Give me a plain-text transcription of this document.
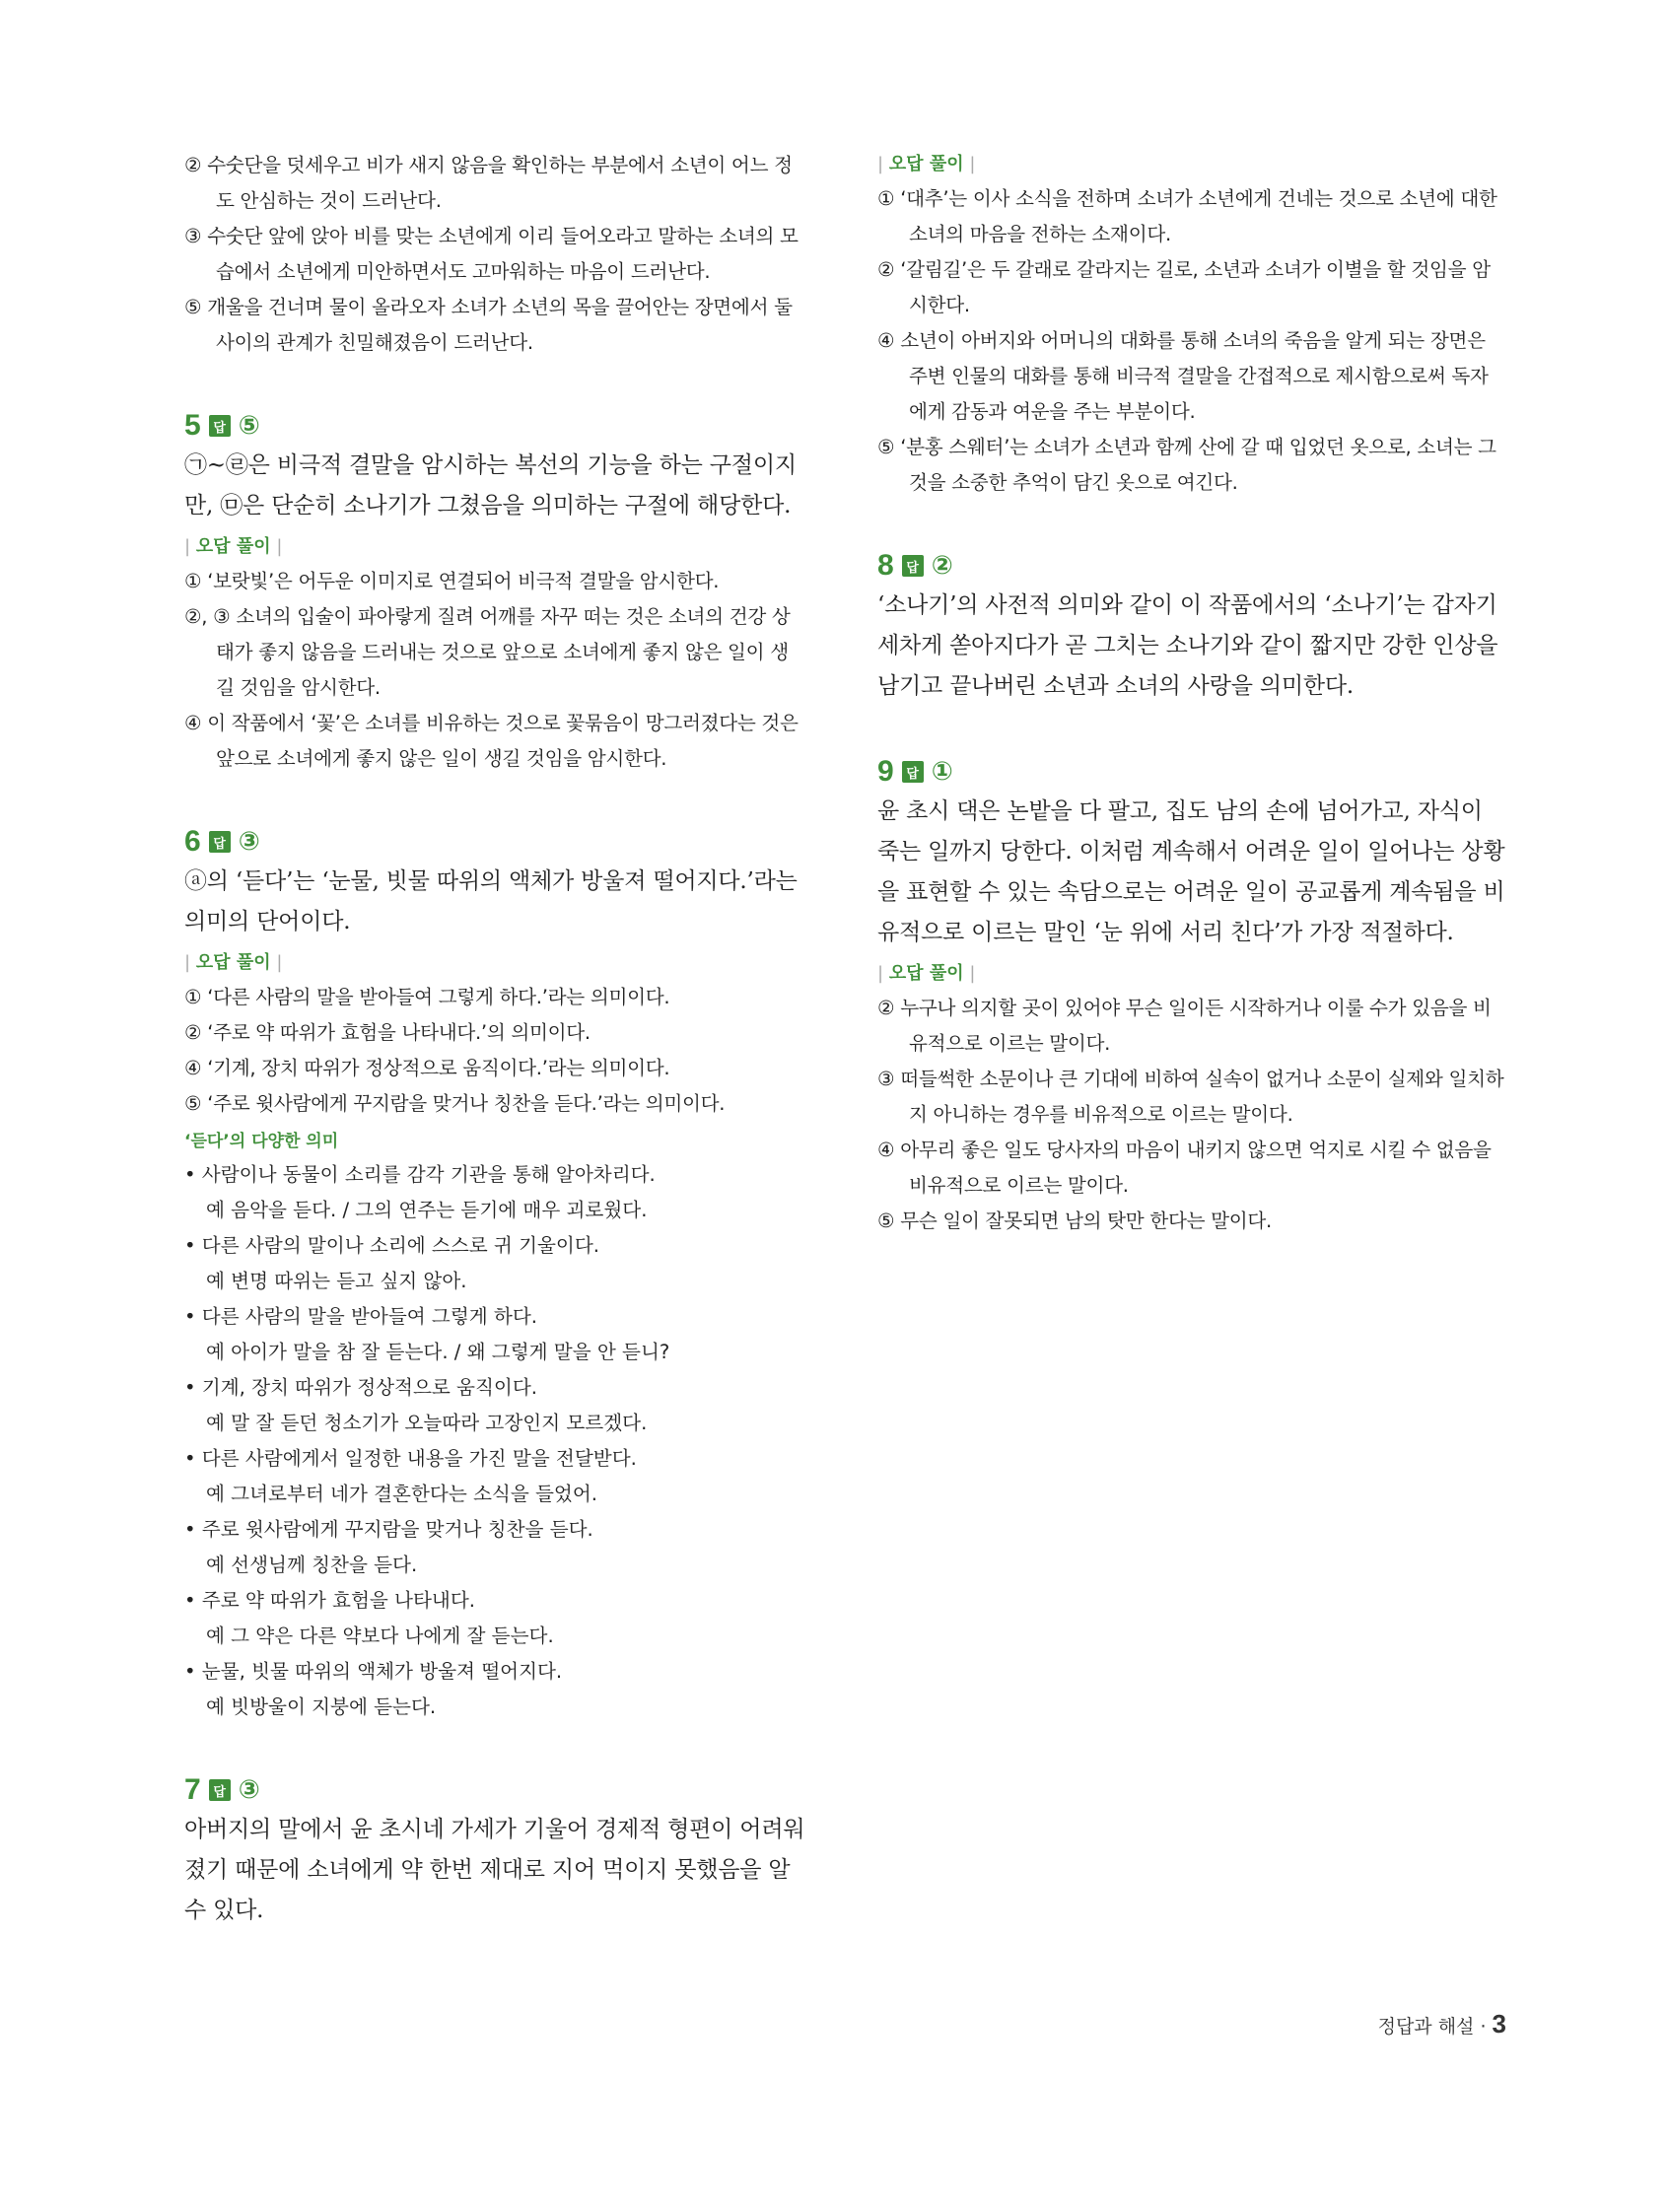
② 수숫단을 덧세우고 비가 새지 않음을 확인하는 부분에서 소년이 어느 정도 안심하는 것이 드러난다.
③ 수숫단 앞에 앉아 비를 맞는 소년에게 이리 들어오라고 말하는 소녀의 모습에서 소년에게 미안하면서도 고마워하는 마음이 드러난다.
⑤ 개울을 건너며 물이 올라오자 소녀가 소년의 목을 끌어안는 장면에서 둘 사이의 관계가 친밀해졌음이 드러난다.
5 답 ⑤
㉠~㉣은 비극적 결말을 암시하는 복선의 기능을 하는 구절이지만, ㉤은 단순히 소나기가 그쳤음을 의미하는 구절에 해당한다.
| 오답 풀이 |
① ‘보랏빛’은 어두운 이미지로 연결되어 비극적 결말을 암시한다.
②, ③ 소녀의 입술이 파아랗게 질려 어깨를 자꾸 떠는 것은 소녀의 건강 상태가 좋지 않음을 드러내는 것으로 앞으로 소녀에게 좋지 않은 일이 생길 것임을 암시한다.
④ 이 작품에서 ‘꽃’은 소녀를 비유하는 것으로 꽃묶음이 망그러졌다는 것은 앞으로 소녀에게 좋지 않은 일이 생길 것임을 암시한다.
6 답 ③
ⓐ의 ‘듣다’는 ‘눈물, 빗물 따위의 액체가 방울져 떨어지다.’라는 의미의 단어이다.
| 오답 풀이 |
① ‘다른 사람의 말을 받아들여 그렇게 하다.’라는 의미이다.
② ‘주로 약 따위가 효험을 나타내다.’의 의미이다.
④ ‘기계, 장치 따위가 정상적으로 움직이다.’라는 의미이다.
⑤ ‘주로 윗사람에게 꾸지람을 맞거나 칭찬을 듣다.’라는 의미이다.
‘듣다’의 다양한 의미
• 사람이나 동물이 소리를 감각 기관을 통해 알아차리다.
예 음악을 듣다. / 그의 연주는 듣기에 매우 괴로웠다.
• 다른 사람의 말이나 소리에 스스로 귀 기울이다.
예 변명 따위는 듣고 싶지 않아.
• 다른 사람의 말을 받아들여 그렇게 하다.
예 아이가 말을 참 잘 듣는다. / 왜 그렇게 말을 안 듣니?
• 기계, 장치 따위가 정상적으로 움직이다.
예 말 잘 듣던 청소기가 오늘따라 고장인지 모르겠다.
• 다른 사람에게서 일정한 내용을 가진 말을 전달받다.
예 그녀로부터 네가 결혼한다는 소식을 들었어.
• 주로 윗사람에게 꾸지람을 맞거나 칭찬을 듣다.
예 선생님께 칭찬을 듣다.
• 주로 약 따위가 효험을 나타내다.
예 그 약은 다른 약보다 나에게 잘 듣는다.
• 눈물, 빗물 따위의 액체가 방울져 떨어지다.
예 빗방울이 지붕에 듣는다.
7 답 ③
아버지의 말에서 윤 초시네 가세가 기울어 경제적 형편이 어려워졌기 때문에 소녀에게 약 한번 제대로 지어 먹이지 못했음을 알 수 있다.
| 오답 풀이 |
① ‘대추’는 이사 소식을 전하며 소녀가 소년에게 건네는 것으로 소년에 대한 소녀의 마음을 전하는 소재이다.
② ‘갈림길’은 두 갈래로 갈라지는 길로, 소년과 소녀가 이별을 할 것임을 암시한다.
④ 소년이 아버지와 어머니의 대화를 통해 소녀의 죽음을 알게 되는 장면은 주변 인물의 대화를 통해 비극적 결말을 간접적으로 제시함으로써 독자에게 감동과 여운을 주는 부분이다.
⑤ ‘분홍 스웨터’는 소녀가 소년과 함께 산에 갈 때 입었던 옷으로, 소녀는 그것을 소중한 추억이 담긴 옷으로 여긴다.
8 답 ②
‘소나기’의 사전적 의미와 같이 이 작품에서의 ‘소나기’는 갑자기 세차게 쏟아지다가 곧 그치는 소나기와 같이 짧지만 강한 인상을 남기고 끝나버린 소년과 소녀의 사랑을 의미한다.
9 답 ①
윤 초시 댁은 논밭을 다 팔고, 집도 남의 손에 넘어가고, 자식이 죽는 일까지 당한다. 이처럼 계속해서 어려운 일이 일어나는 상황을 표현할 수 있는 속담으로는 어려운 일이 공교롭게 계속됨을 비유적으로 이르는 말인 ‘눈 위에 서리 친다’가 가장 적절하다.
| 오답 풀이 |
② 누구나 의지할 곳이 있어야 무슨 일이든 시작하거나 이룰 수가 있음을 비유적으로 이르는 말이다.
③ 떠들썩한 소문이나 큰 기대에 비하여 실속이 없거나 소문이 실제와 일치하지 아니하는 경우를 비유적으로 이르는 말이다.
④ 아무리 좋은 일도 당사자의 마음이 내키지 않으면 억지로 시킬 수 없음을 비유적으로 이르는 말이다.
⑤ 무슨 일이 잘못되면 남의 탓만 한다는 말이다.
정답과 해설 · 3
